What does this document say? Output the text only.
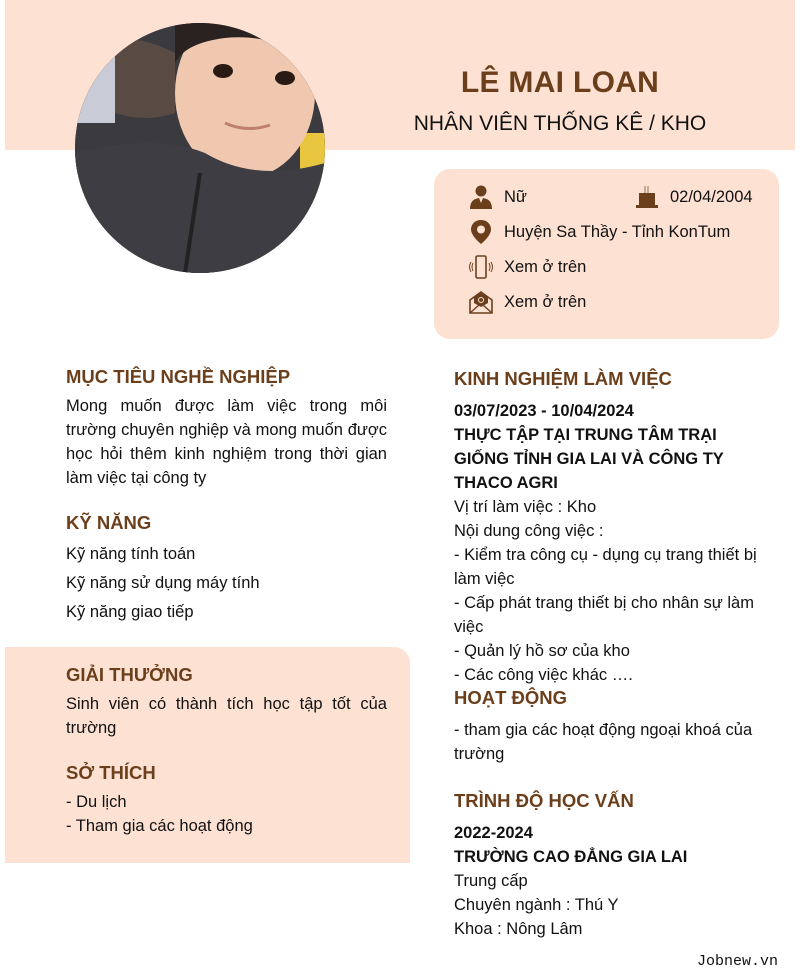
LÊ MAI LOAN
NHÂN VIÊN THỐNG KÊ / KHO
Nữ	02/04/2004
Huyện Sa Thầy - Tỉnh KonTum
Xem ở trên
Xem ở trên
MỤC TIÊU NGHỀ NGHIỆP
Mong muốn được làm việc trong môi trường chuyên nghiệp và mong muốn được học hỏi thêm kinh nghiệm trong thời gian làm việc tại công ty
KỸ NĂNG
Kỹ năng tính toán
Kỹ năng sử dụng máy tính
Kỹ năng giao tiếp
GIẢI THƯỞNG
Sinh viên có thành tích học tập tốt của trường
SỞ THÍCH
- Du lịch
- Tham gia các hoạt động
KINH NGHIỆM LÀM VIỆC
03/07/2023 - 10/04/2024
THỰC TẬP TẠI TRUNG TÂM TRẠI GIỐNG TỈNH GIA LAI VÀ CÔNG TY THACO AGRI
Vị trí làm việc : Kho
Nội dung công việc :
- Kiểm tra công cụ - dụng cụ trang thiết bị làm việc
- Cấp phát trang thiết bị cho nhân sự làm việc
- Quản lý hồ sơ của kho
- Các công việc khác ….
HOẠT ĐỘNG
- tham gia các hoạt động ngoại khoá của trường
TRÌNH ĐỘ HỌC VẤN
2022-2024
TRƯỜNG CAO ĐẲNG GIA LAI
Trung cấp
Chuyên ngành : Thú Y
Khoa : Nông Lâm
Jobnew.vn
